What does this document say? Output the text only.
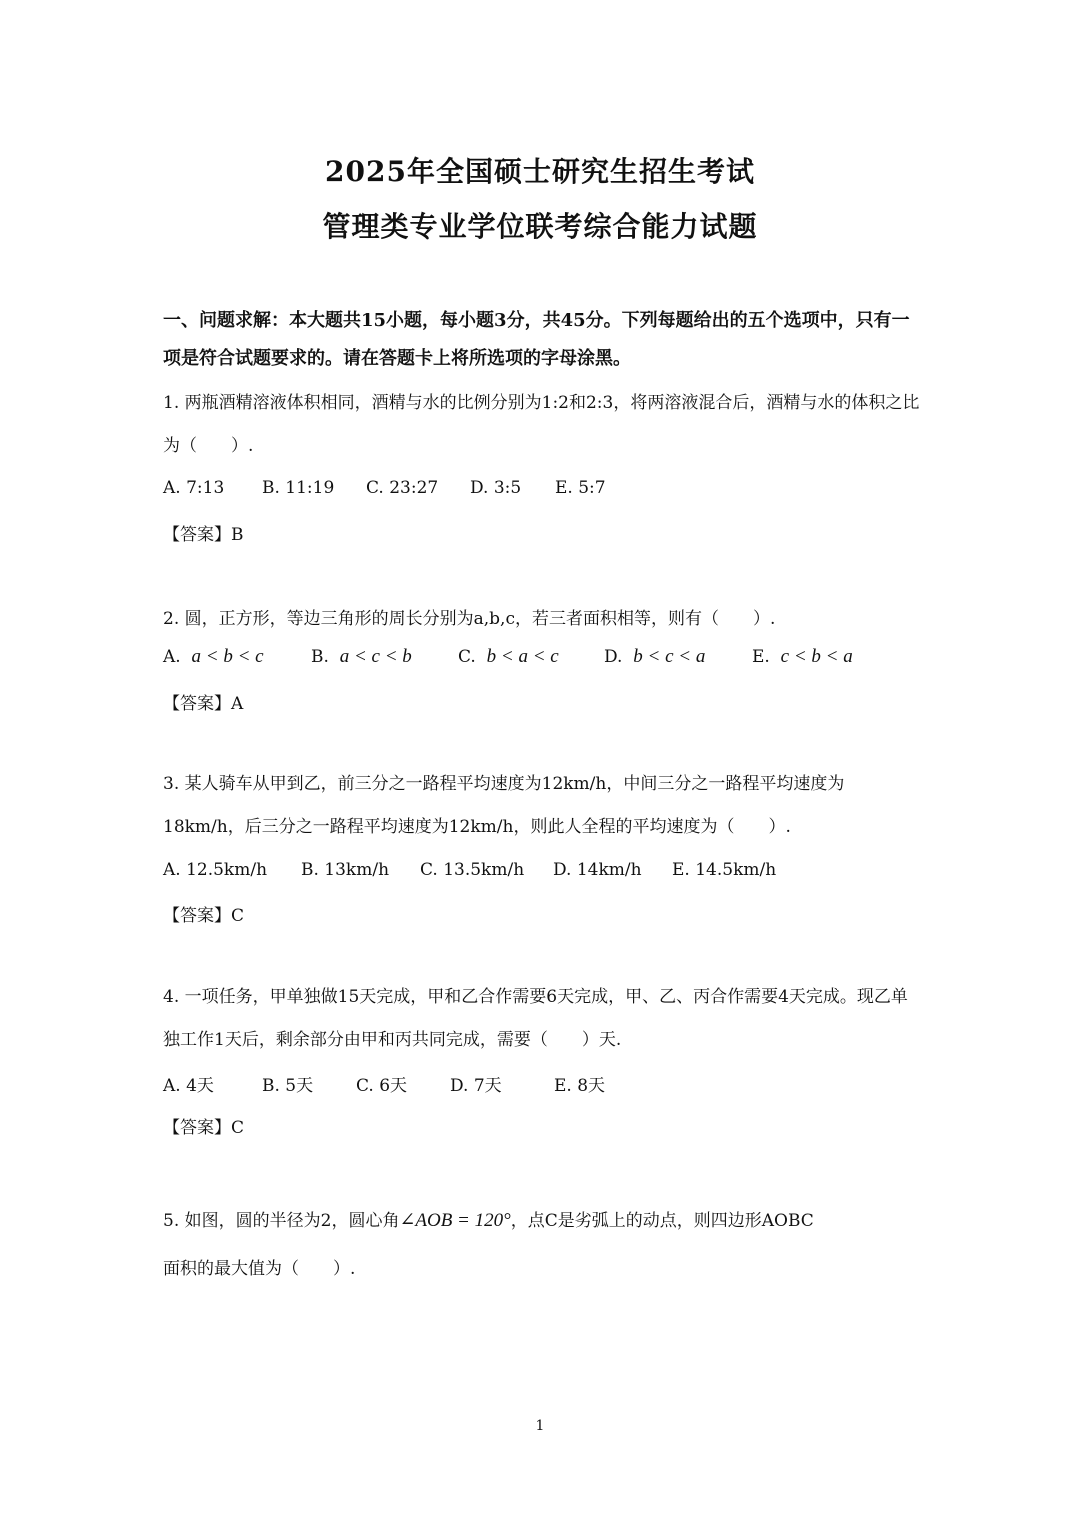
2025年全国硕士研究生招生考试
管理类专业学位联考综合能力试题
一、问题求解：本大题共15小题，每小题3分，共45分。下列每题给出的五个选项中，只有一项是符合试题要求的。请在答题卡上将所选项的字母涂黑。
1. 两瓶酒精溶液体积相同，酒精与水的比例分别为1:2和2:3，将两溶液混合后，酒精与水的体积之比为（　　）.
A. 7:13 B. 11:19 C. 23:27 D. 3:5 E. 5:7
【答案】B
2. 圆，正方形，等边三角形的周长分别为a,b,c，若三者面积相等，则有（　　）.
A. a < b < c	B. a < c < b	C. b < a < c	D. b < c < a	E. c < b < a
【答案】A
3. 某人骑车从甲到乙，前三分之一路程平均速度为12km/h，中间三分之一路程平均速度为18km/h，后三分之一路程平均速度为12km/h，则此人全程的平均速度为（　　）.
A. 12.5km/h B. 13km/h C. 13.5km/h D. 14km/h E. 14.5km/h
【答案】C
4. 一项任务，甲单独做15天完成，甲和乙合作需要6天完成，甲、乙、丙合作需要4天完成。现乙单独工作1天后，剩余部分由甲和丙共同完成，需要（　　）天.
A. 4天	B. 5天	C. 6天	D. 7天	E. 8天
【答案】C
5. 如图，圆的半径为2，圆心角∠AOB = 120°，点C是劣弧上的动点，则四边形AOBC
面积的最大值为（　　）.
1
